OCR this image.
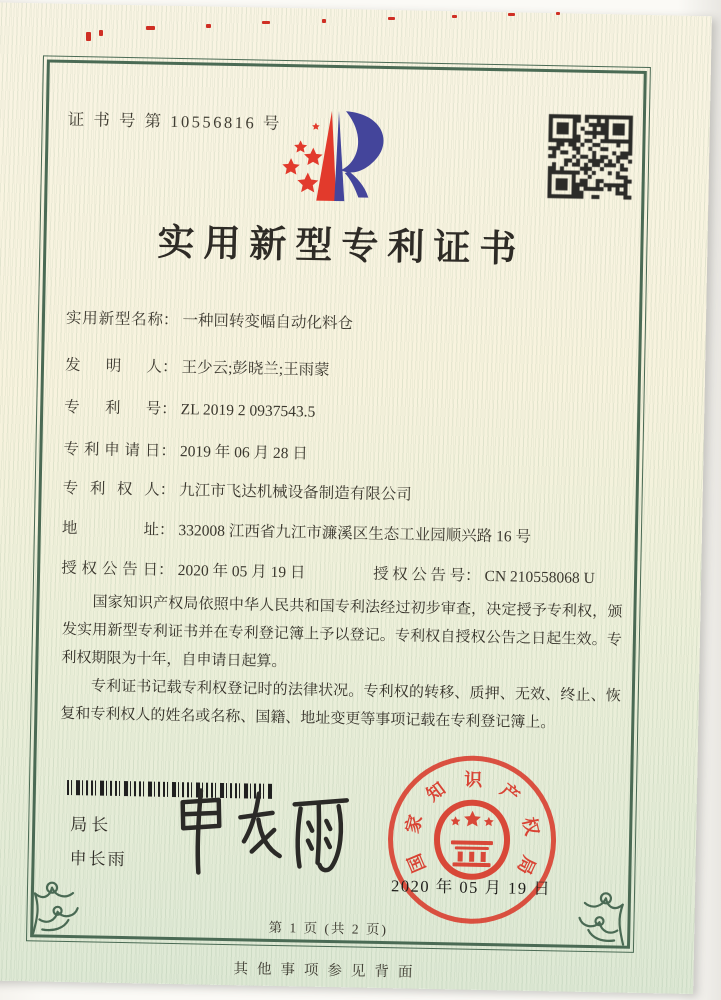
证 书 号 第 10556816 号
实用新型专利证书
实 用 新 型 名 称 ： 一种回转变幅自动化料仓
发 明 人 ： 王少云;彭晓兰;王雨蒙
专 利 号 ： ZL 2019 2 0937543.5
专 利 申 请 日 ： 2019 年 06 月 28 日
专 利 权 人 ： 九江市飞达机械设备制造有限公司
地	址 ： 332008 江西省九江市濂溪区生态工业园顺兴路 16 号
授 权 公 告 日 ： 2020 年 05 月 19 日	授 权 公 告 号 ： CN 210558068 U

国家知识产权局依照中华人民共和国专利法经过初步审查，决定授予专利权，颁发实用新型专利证书并在专利登记簿上予以登记。专利权自授权公告之日起生效。专利权期限为十年，自申请日起算。

专利证书记载专利权登记时的法律状况。专利权的转移、质押、无效、终止、恢复和专利权人的姓名或名称、国籍、地址变更等事项记载在专利登记簿上。

局长
申长雨	国
家
知 识 产
权
局
2020 年 05 月 19 日
第 1 页 (共 2 页)
其他事项参见背面
